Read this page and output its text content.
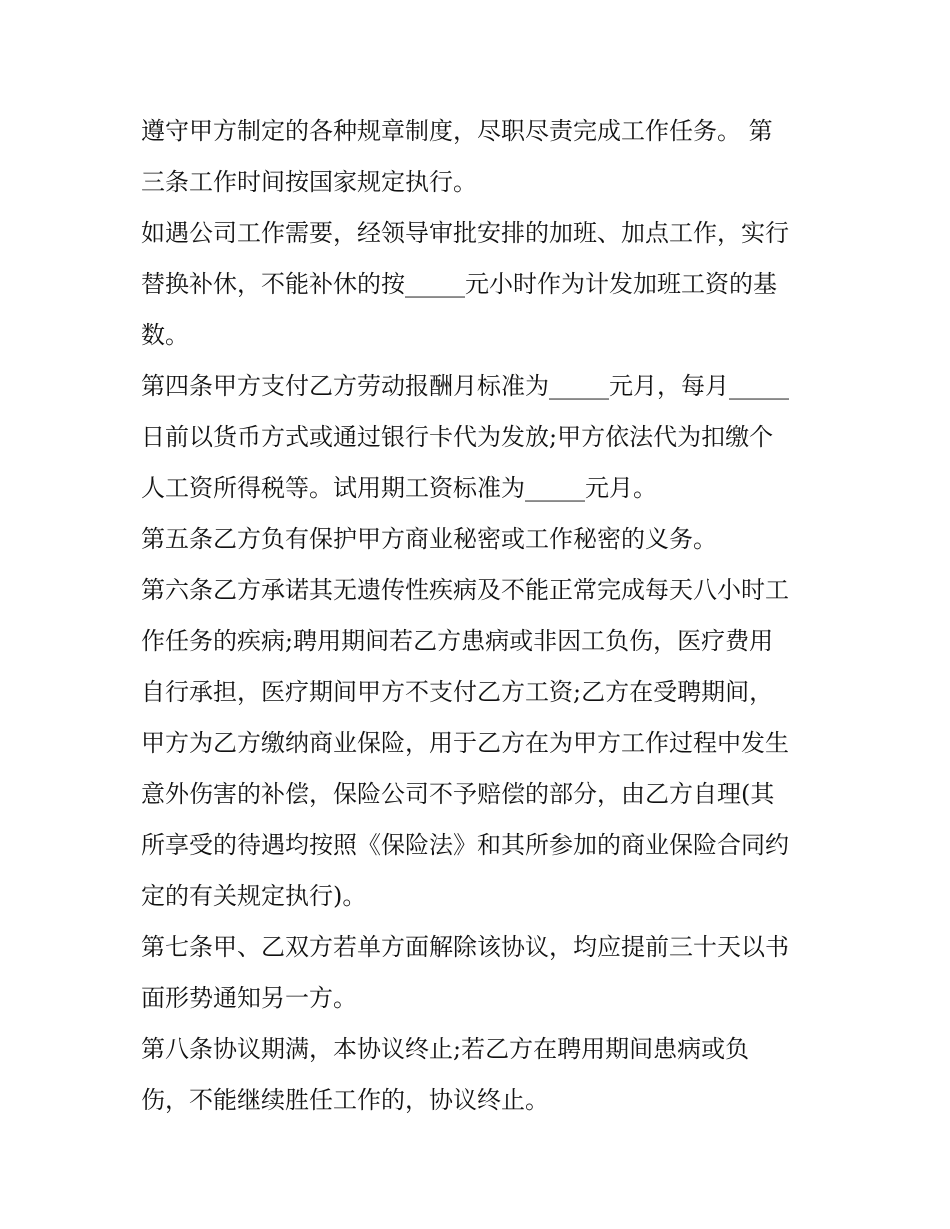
遵守甲方制定的各种规章制度，尽职尽责完成工作任务。 第
三条工作时间按国家规定执行。
如遇公司工作需要，经领导审批安排的加班、加点工作，实行
替换补休，不能补休的按_____元小时作为计发加班工资的基
数。
第四条甲方支付乙方劳动报酬月标准为_____元月，每月_____
日前以货币方式或通过银行卡代为发放;甲方依法代为扣缴个
人工资所得税等。试用期工资标准为_____元月。
第五条乙方负有保护甲方商业秘密或工作秘密的义务。
第六条乙方承诺其无遗传性疾病及不能正常完成每天八小时工
作任务的疾病;聘用期间若乙方患病或非因工负伤，医疗费用
自行承担，医疗期间甲方不支付乙方工资;乙方在受聘期间，
甲方为乙方缴纳商业保险，用于乙方在为甲方工作过程中发生
意外伤害的补偿，保险公司不予赔偿的部分，由乙方自理(其
所享受的待遇均按照《保险法》和其所参加的商业保险合同约
定的有关规定执行)。
第七条甲、乙双方若单方面解除该协议，均应提前三十天以书
面形势通知另一方。
第八条协议期满，本协议终止;若乙方在聘用期间患病或负
伤，不能继续胜任工作的，协议终止。
